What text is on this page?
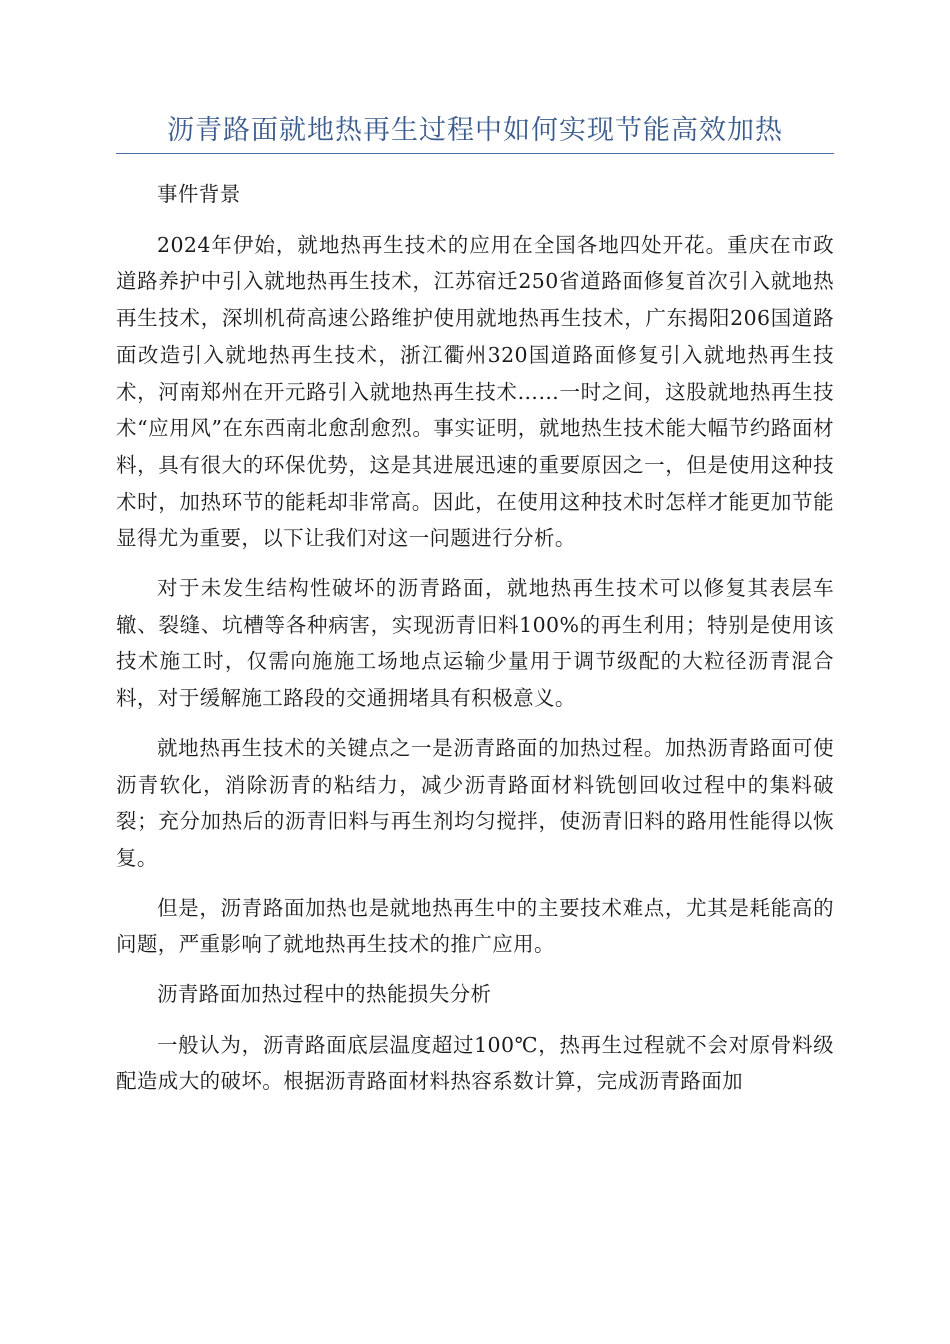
沥青路面就地热再生过程中如何实现节能高效加热

事件背景

2024年伊始，就地热再生技术的应用在全国各地四处开花。重庆在市政道路养护中引入就地热再生技术，江苏宿迁250省道路面修复首次引入就地热再生技术，深圳机荷高速公路维护使用就地热再生技术，广东揭阳206国道路面改造引入就地热再生技术，浙江衢州320国道路面修复引入就地热再生技术，河南郑州在开元路引入就地热再生技术……一时之间，这股就地热再生技术“应用风”在东西南北愈刮愈烈。事实证明，就地热生技术能大幅节约路面材料，具有很大的环保优势，这是其进展迅速的重要原因之一，但是使用这种技术时，加热环节的能耗却非常高。因此，在使用这种技术时怎样才能更加节能显得尤为重要，以下让我们对这一问题进行分析。

对于未发生结构性破坏的沥青路面，就地热再生技术可以修复其表层车辙、裂缝、坑槽等各种病害，实现沥青旧料100%的再生利用；特别是使用该技术施工时，仅需向施施工场地点运输少量用于调节级配的大粒径沥青混合料，对于缓解施工路段的交通拥堵具有积极意义。

就地热再生技术的关键点之一是沥青路面的加热过程。加热沥青路面可使沥青软化，消除沥青的粘结力，减少沥青路面材料铣刨回收过程中的集料破裂；充分加热后的沥青旧料与再生剂均匀搅拌，使沥青旧料的路用性能得以恢复。

但是，沥青路面加热也是就地热再生中的主要技术难点，尤其是耗能高的问题，严重影响了就地热再生技术的推广应用。

沥青路面加热过程中的热能损失分析

一般认为，沥青路面底层温度超过100℃，热再生过程就不会对原骨料级配造成大的破坏。根据沥青路面材料热容系数计算，完成沥青路面加
